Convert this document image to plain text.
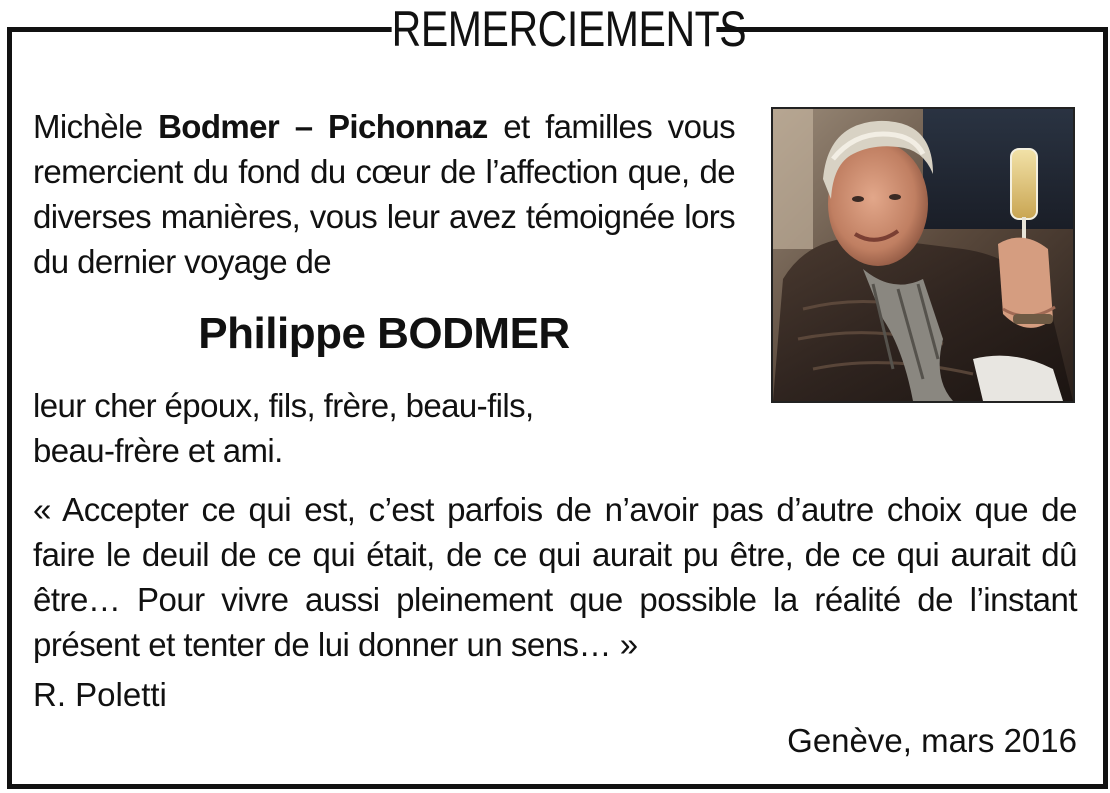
REMERCIEMENTS
Michèle Bodmer – Pichonnaz et familles vous remercient du fond du cœur de l’affection que, de diverses manières, vous leur avez témoignée lors du dernier voyage de
Philippe BODMER
leur cher époux, fils, frère, beau-fils,
beau-frère et ami.
« Accepter ce qui est, c’est parfois de n’avoir pas d’autre choix que de faire le deuil de ce qui était, de ce qui aurait pu être, de ce qui aurait dû être… Pour vivre aussi pleinement que possible la réalité de l’instant présent et tenter de lui donner un sens… »
R. Poletti
Genève, mars 2016
